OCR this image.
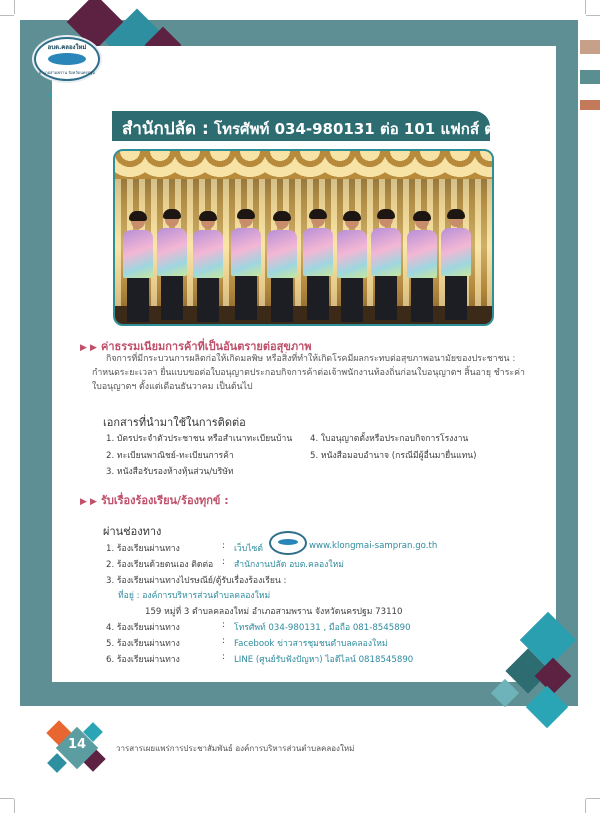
อบต.คลองใหม่
อำเภอสามพราน จังหวัดนครปฐม
สำนักปลัด : โทรศัพท์ 034-980131 ต่อ 101 แฟกส์ ต่อ 104
▶ ▶ ค่าธรรมเนียมการค้าที่เป็นอันตรายต่อสุขภาพ
กิจการที่มีกระบวนการผลิตก่อให้เกิดมลพิษ หรือสิ่งที่ทำให้เกิดโรคมีผลกระทบต่อสุขภาพอนามัยของประชาชน :
กำหนดระยะเวลา ยื่นแบบขอต่อใบอนุญาตประกอบกิจการค้าต่อเจ้าพนักงานท้องถิ่นก่อนใบอนุญาตฯ สิ้นอายุ ชำระค่า
ใบอนุญาตฯ ตั้งแต่เดือนธันวาคม เป็นต้นไป
เอกสารที่นำมาใช้ในการติดต่อ
1. บัตรประจำตัวประชาชน หรือสำเนาทะเบียนบ้าน
2. ทะเบียนพาณิชย์-ทะเบียนการค้า
3. หนังสือรับรองห้างหุ้นส่วน/บริษัท
4. ใบอนุญาตตั้งหรือประกอบกิจการโรงงาน
5. หนังสือมอบอำนาจ (กรณีมีผู้อื่นมายื่นแทน)
▶ ▶ รับเรื่องร้องเรียน/ร้องทุกข์ :
ผ่านช่องทาง
1. ร้องเรียนผ่านทาง	: เว็บไซต์	www.klongmai-sampran.go.th
2. ร้องเรียนด้วยตนเอง ติดต่อ : สำนักงานปลัด อบต.คลองใหม่
3. ร้องเรียนผ่านทางไปรษณีย์/ตู้รับเรื่องร้องเรียน :
ที่อยู่ : องค์การบริหารส่วนตำบลคลองใหม่
159 หมู่ที่ 3 ตำบลคลองใหม่ อำเภอสามพราน จังหวัดนครปฐม 73110
4. ร้องเรียนผ่านทาง	: โทรศัพท์ 034-980131 , มือถือ 081-8545890
5. ร้องเรียนผ่านทาง	: Facebook ข่าวสารชุมชนตำบลคลองใหม่
6. ร้องเรียนผ่านทาง	: LINE (ศูนย์รับฟังปัญหา) ไอดีไลน์ 0818545890
14	วารสารเผยแพร่การประชาสัมพันธ์ องค์การบริหารส่วนตำบลคลองใหม่
